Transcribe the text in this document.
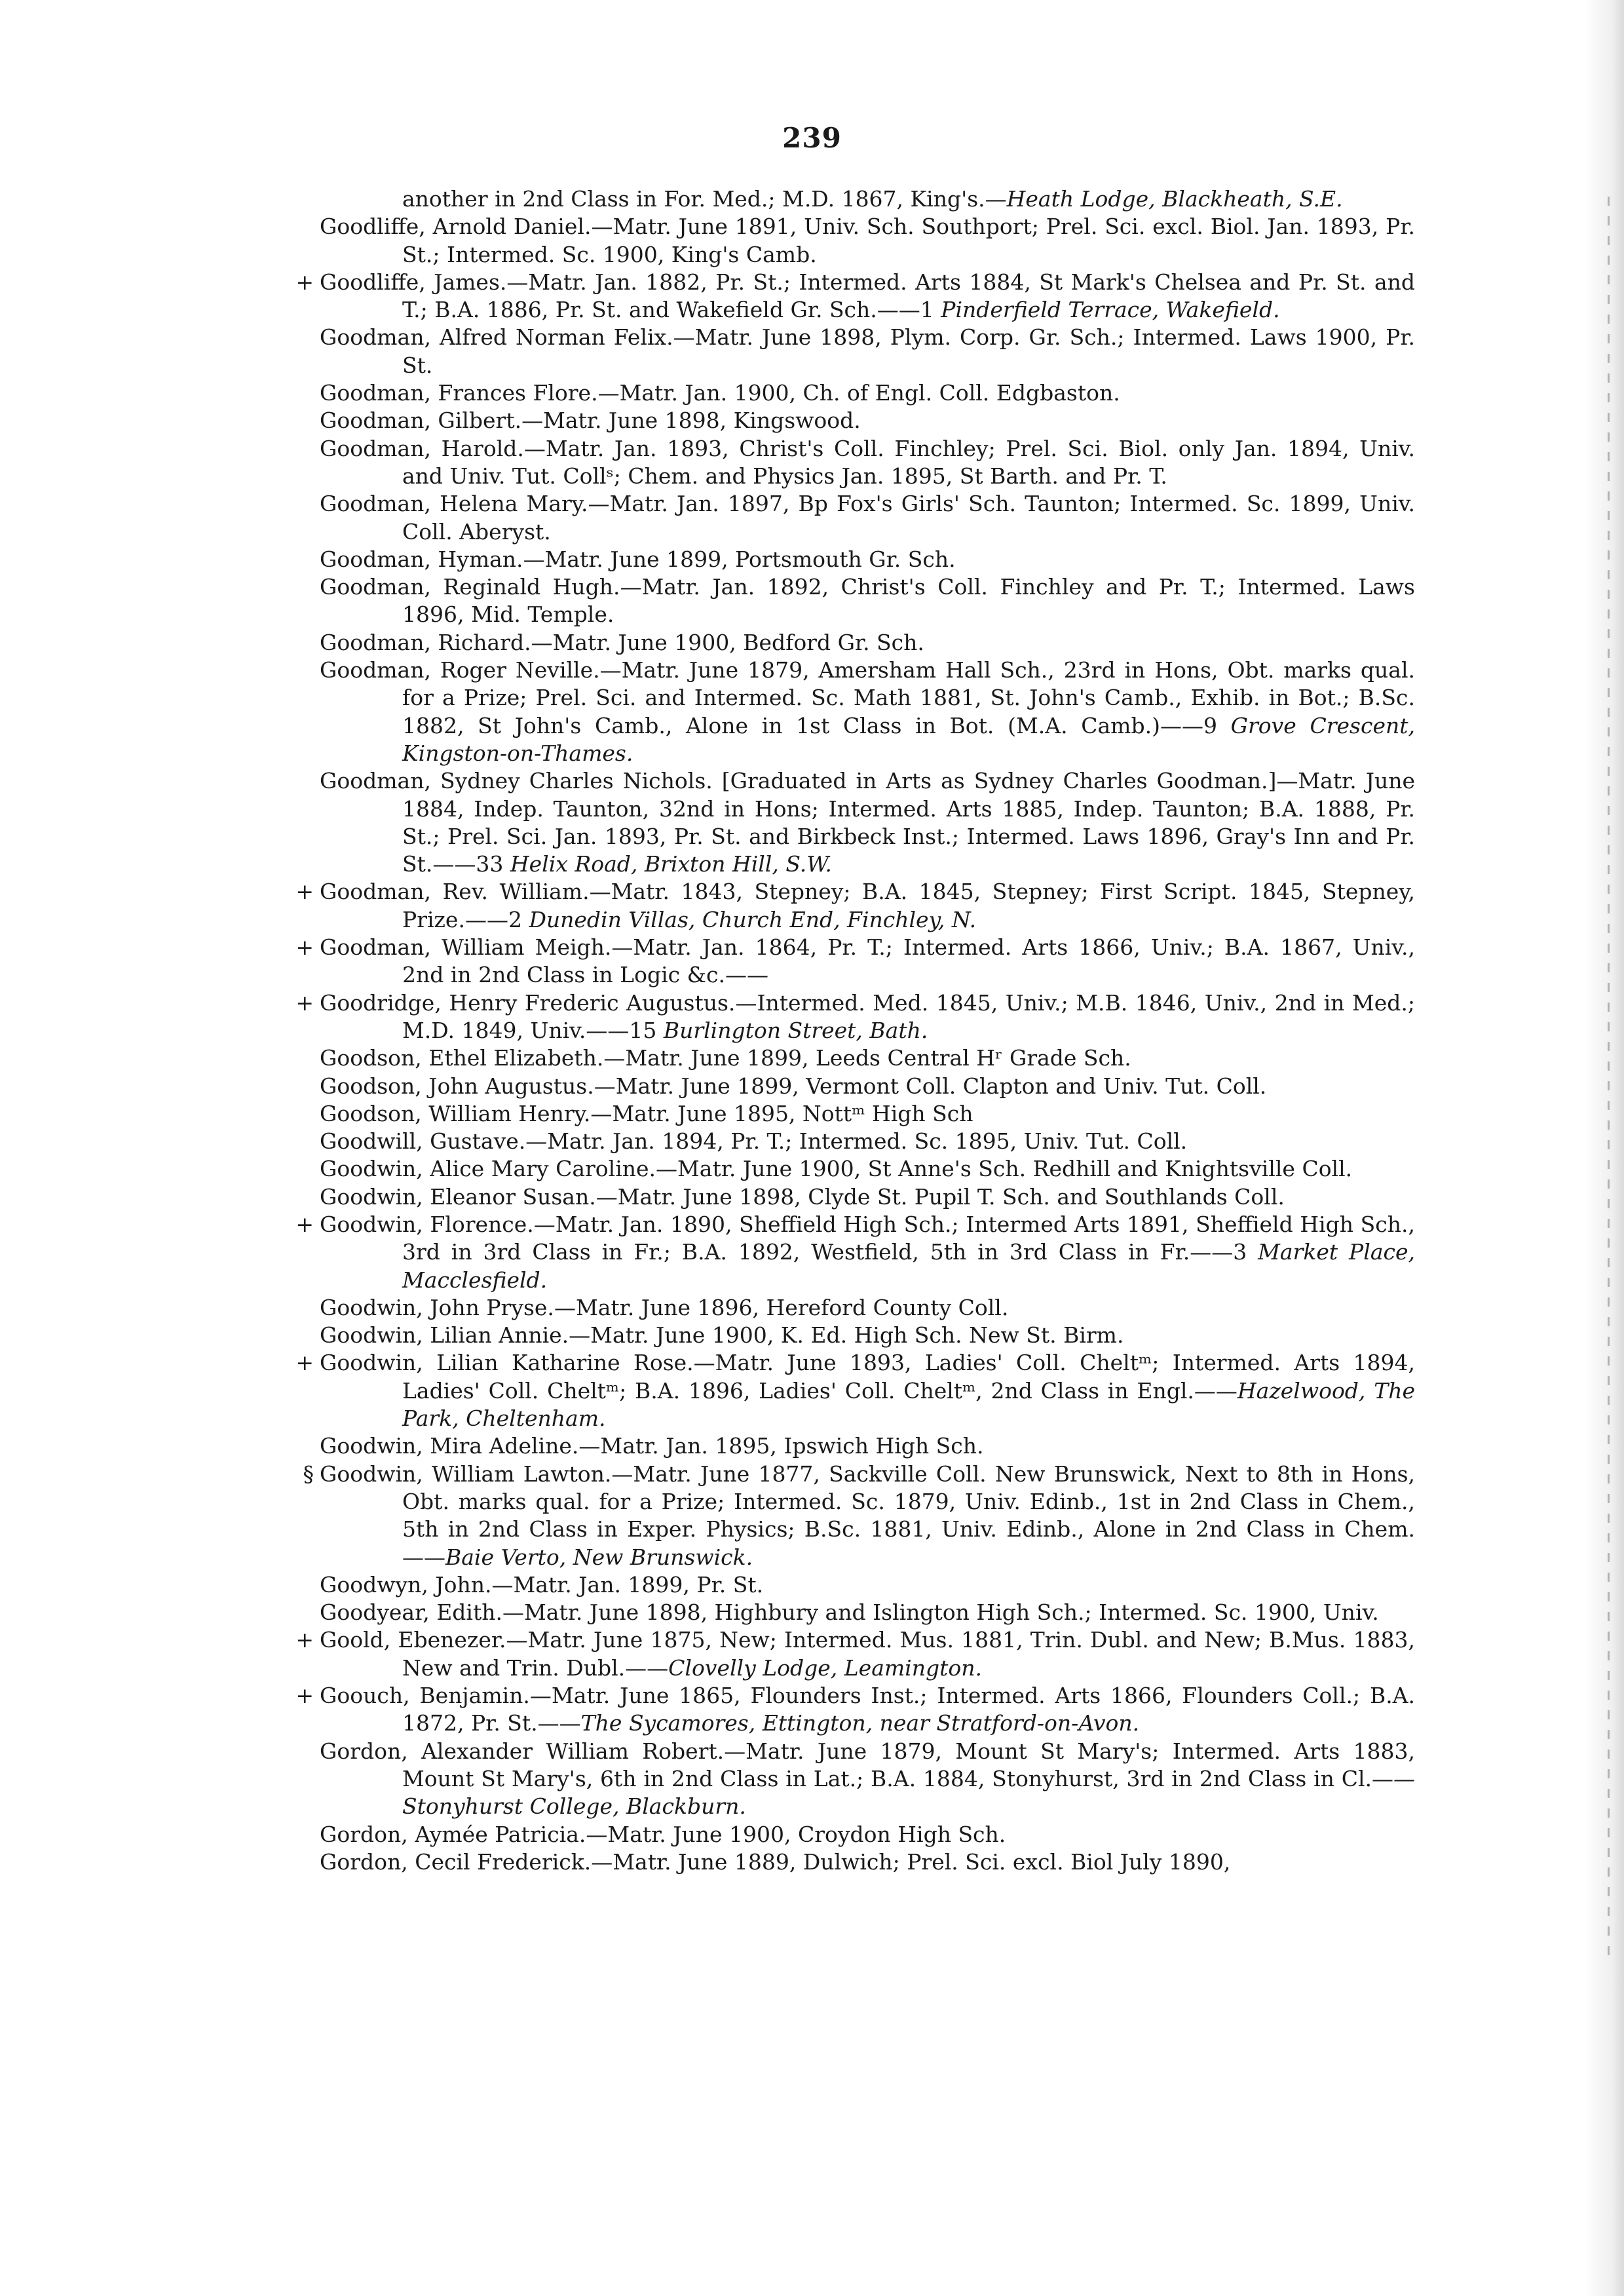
239
another in 2nd Class in For. Med.; M.D. 1867, King's.—Heath Lodge, Blackheath, S.E.
Goodliffe, Arnold Daniel.—Matr. June 1891, Univ. Sch. Southport; Prel. Sci. excl. Biol. Jan. 1893, Pr. St.; Intermed. Sc. 1900, King's Camb.
+ Goodliffe, James.—Matr. Jan. 1882, Pr. St.; Intermed. Arts 1884, St Mark's Chelsea and Pr. St. and T.; B.A. 1886, Pr. St. and Wakefield Gr. Sch.——1 Pinderfield Terrace, Wakefield.
Goodman, Alfred Norman Felix.—Matr. June 1898, Plym. Corp. Gr. Sch.; Intermed. Laws 1900, Pr. St.
Goodman, Frances Flore.—Matr. Jan. 1900, Ch. of Engl. Coll. Edgbaston.
Goodman, Gilbert.—Matr. June 1898, Kingswood.
Goodman, Harold.—Matr. Jan. 1893, Christ's Coll. Finchley; Prel. Sci. Biol. only Jan. 1894, Univ. and Univ. Tut. Collˢ; Chem. and Physics Jan. 1895, St Barth. and Pr. T.
Goodman, Helena Mary.—Matr. Jan. 1897, Bp Fox's Girls' Sch. Taunton; Intermed. Sc. 1899, Univ. Coll. Aberyst.
Goodman, Hyman.—Matr. June 1899, Portsmouth Gr. Sch.
Goodman, Reginald Hugh.—Matr. Jan. 1892, Christ's Coll. Finchley and Pr. T.; Intermed. Laws 1896, Mid. Temple.
Goodman, Richard.—Matr. June 1900, Bedford Gr. Sch.
Goodman, Roger Neville.—Matr. June 1879, Amersham Hall Sch., 23rd in Hons, Obt. marks qual. for a Prize; Prel. Sci. and Intermed. Sc. Math 1881, St. John's Camb., Exhib. in Bot.; B.Sc. 1882, St John's Camb., Alone in 1st Class in Bot. (M.A. Camb.)——9 Grove Crescent, Kingston-on-Thames.
Goodman, Sydney Charles Nichols. [Graduated in Arts as Sydney Charles Goodman.]—Matr. June 1884, Indep. Taunton, 32nd in Hons; Intermed. Arts 1885, Indep. Taunton; B.A. 1888, Pr. St.; Prel. Sci. Jan. 1893, Pr. St. and Birkbeck Inst.; Intermed. Laws 1896, Gray's Inn and Pr. St.——33 Helix Road, Brixton Hill, S.W.
+ Goodman, Rev. William.—Matr. 1843, Stepney; B.A. 1845, Stepney; First Script. 1845, Stepney, Prize.——2 Dunedin Villas, Church End, Finchley, N.
+ Goodman, William Meigh.—Matr. Jan. 1864, Pr. T.; Intermed. Arts 1866, Univ.; B.A. 1867, Univ., 2nd in 2nd Class in Logic &c.——
+ Goodridge, Henry Frederic Augustus.—Intermed. Med. 1845, Univ.; M.B. 1846, Univ., 2nd in Med.; M.D. 1849, Univ.——15 Burlington Street, Bath.
Goodson, Ethel Elizabeth.—Matr. June 1899, Leeds Central Hʳ Grade Sch.
Goodson, John Augustus.—Matr. June 1899, Vermont Coll. Clapton and Univ. Tut. Coll.
Goodson, William Henry.—Matr. June 1895, Nottᵐ High Sch
Goodwill, Gustave.—Matr. Jan. 1894, Pr. T.; Intermed. Sc. 1895, Univ. Tut. Coll.
Goodwin, Alice Mary Caroline.—Matr. June 1900, St Anne's Sch. Redhill and Knightsville Coll.
Goodwin, Eleanor Susan.—Matr. June 1898, Clyde St. Pupil T. Sch. and Southlands Coll.
+ Goodwin, Florence.—Matr. Jan. 1890, Sheffield High Sch.; Intermed Arts 1891, Sheffield High Sch., 3rd in 3rd Class in Fr.; B.A. 1892, Westfield, 5th in 3rd Class in Fr.——3 Market Place, Macclesfield.
Goodwin, John Pryse.—Matr. June 1896, Hereford County Coll.
Goodwin, Lilian Annie.—Matr. June 1900, K. Ed. High Sch. New St. Birm.
+ Goodwin, Lilian Katharine Rose.—Matr. June 1893, Ladies' Coll. Cheltᵐ; Intermed. Arts 1894, Ladies' Coll. Cheltᵐ; B.A. 1896, Ladies' Coll. Cheltᵐ, 2nd Class in Engl.——Hazelwood, The Park, Cheltenham.
Goodwin, Mira Adeline.—Matr. Jan. 1895, Ipswich High Sch.
§ Goodwin, William Lawton.—Matr. June 1877, Sackville Coll. New Brunswick, Next to 8th in Hons, Obt. marks qual. for a Prize; Intermed. Sc. 1879, Univ. Edinb., 1st in 2nd Class in Chem., 5th in 2nd Class in Exper. Physics; B.Sc. 1881, Univ. Edinb., Alone in 2nd Class in Chem.——Baie Verto, New Brunswick.
Goodwyn, John.—Matr. Jan. 1899, Pr. St.
Goodyear, Edith.—Matr. June 1898, Highbury and Islington High Sch.; Intermed. Sc. 1900, Univ.
+ Goold, Ebenezer.—Matr. June 1875, New; Intermed. Mus. 1881, Trin. Dubl. and New; B.Mus. 1883, New and Trin. Dubl.——Clovelly Lodge, Leamington.
+ Goouch, Benjamin.—Matr. June 1865, Flounders Inst.; Intermed. Arts 1866, Flounders Coll.; B.A. 1872, Pr. St.——The Sycamores, Ettington, near Stratford-on-Avon.
Gordon, Alexander William Robert.—Matr. June 1879, Mount St Mary's; Intermed. Arts 1883, Mount St Mary's, 6th in 2nd Class in Lat.; B.A. 1884, Stonyhurst, 3rd in 2nd Class in Cl.——Stonyhurst College, Blackburn.
Gordon, Aymée Patricia.—Matr. June 1900, Croydon High Sch.
Gordon, Cecil Frederick.—Matr. June 1889, Dulwich; Prel. Sci. excl. Biol July 1890,
